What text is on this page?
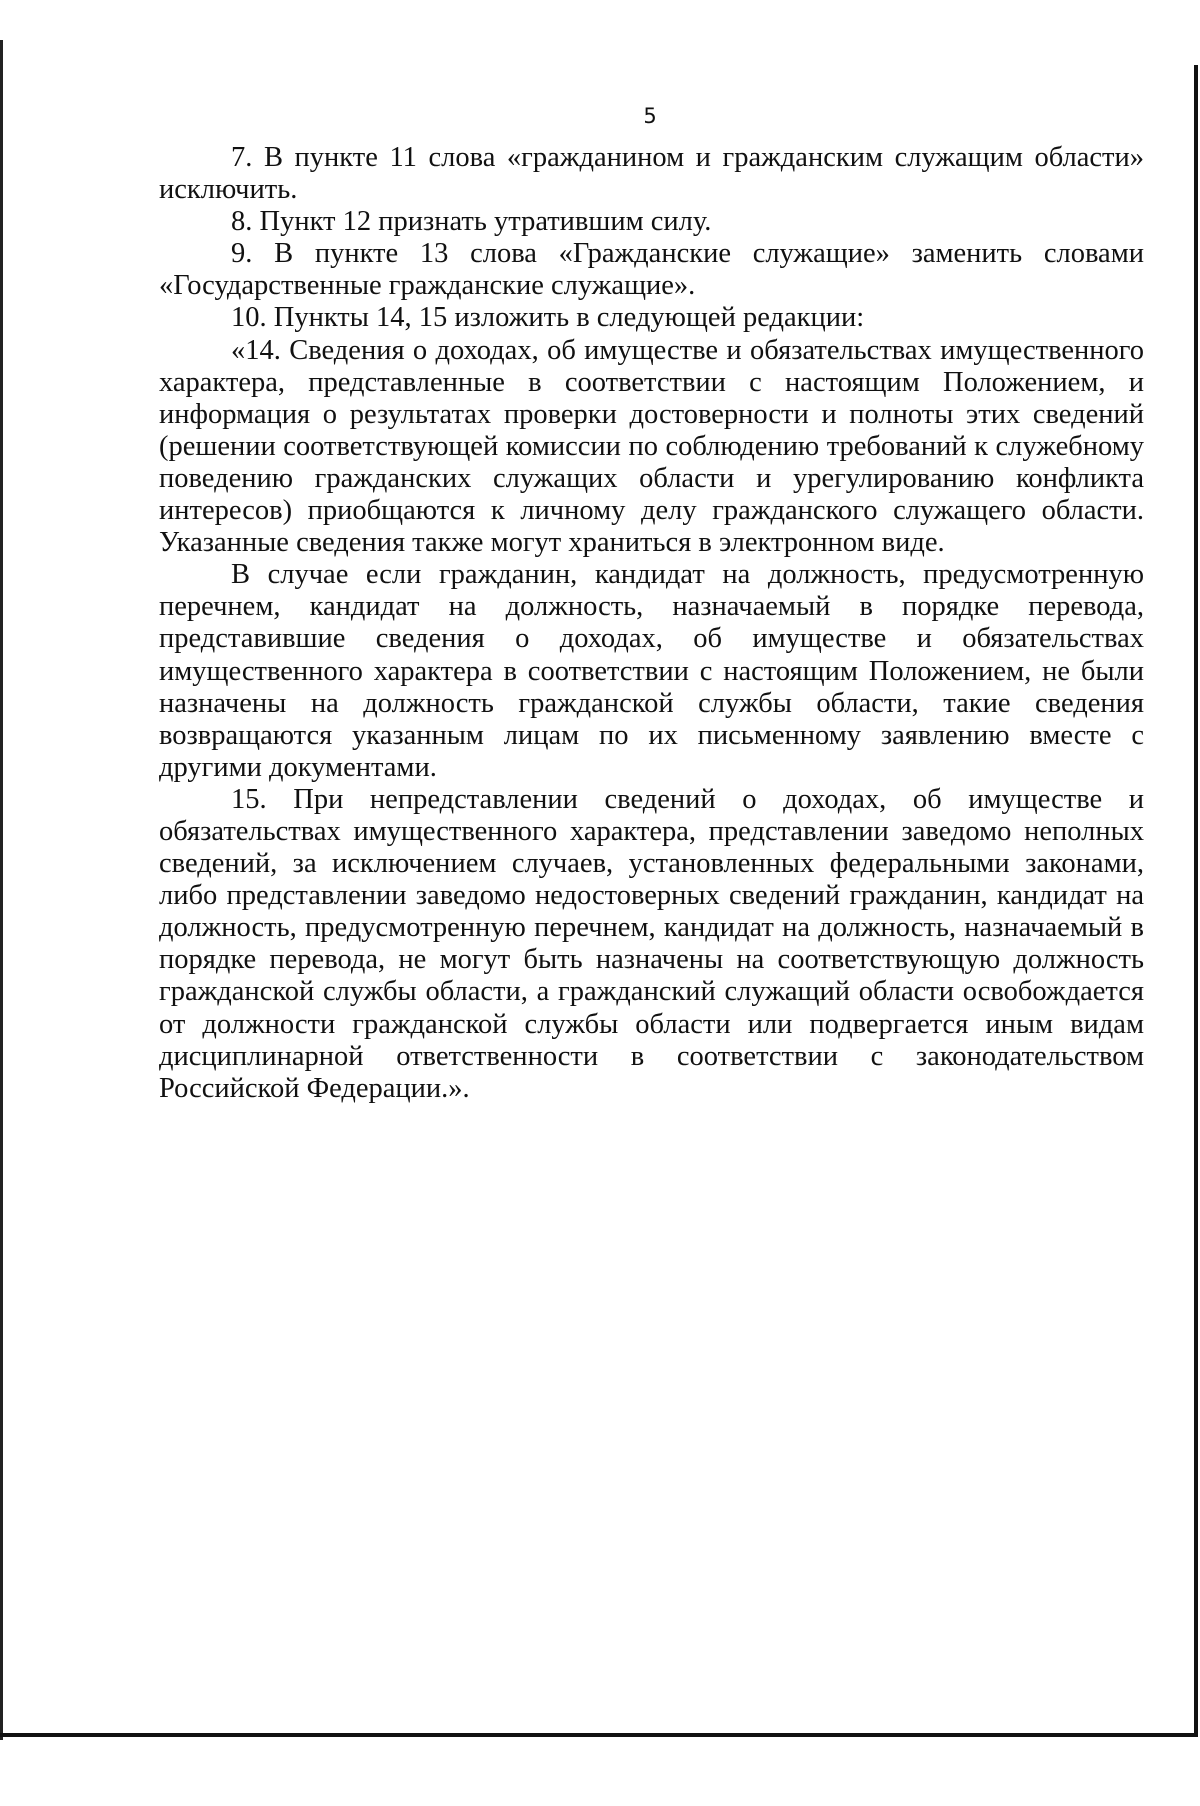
5

7. В пункте 11 слова «гражданином и гражданским служащим области» исключить.

8. Пункт 12 признать утратившим силу.

9. В пункте 13 слова «Гражданские служащие» заменить словами «Государственные гражданские служащие».

10. Пункты 14, 15 изложить в следующей редакции:

«14. Сведения о доходах, об имуществе и обязательствах имущественного характера, представленные в соответствии с настоящим Положением, и информация о результатах проверки достоверности и полноты этих сведений (решении соответствующей комиссии по соблюдению требований к служебному поведению гражданских служащих области и урегулированию конфликта интересов) приобщаются к личному делу гражданского служащего области. Указанные сведения также могут храниться в электронном виде.

В случае если гражданин, кандидат на должность, предусмотренную перечнем, кандидат на должность, назначаемый в порядке перевода, представившие сведения о доходах, об имуществе и обязательствах имущественного характера в соответствии с настоящим Положением, не были назначены на должность гражданской службы области, такие сведения возвращаются указанным лицам по их письменному заявлению вместе с другими документами.

15. При непредставлении сведений о доходах, об имуществе и обязательствах имущественного характера, представлении заведомо неполных сведений, за исключением случаев, установленных федеральными законами, либо представлении заведомо недостоверных сведений гражданин, кандидат на должность, предусмотренную перечнем, кандидат на должность, назначаемый в порядке перевода, не могут быть назначены на соответствующую должность гражданской службы области, а гражданский служащий области освобождается от должности гражданской службы области или подвергается иным видам дисциплинарной ответственности в соответствии с законодательством Российской Федерации.».
